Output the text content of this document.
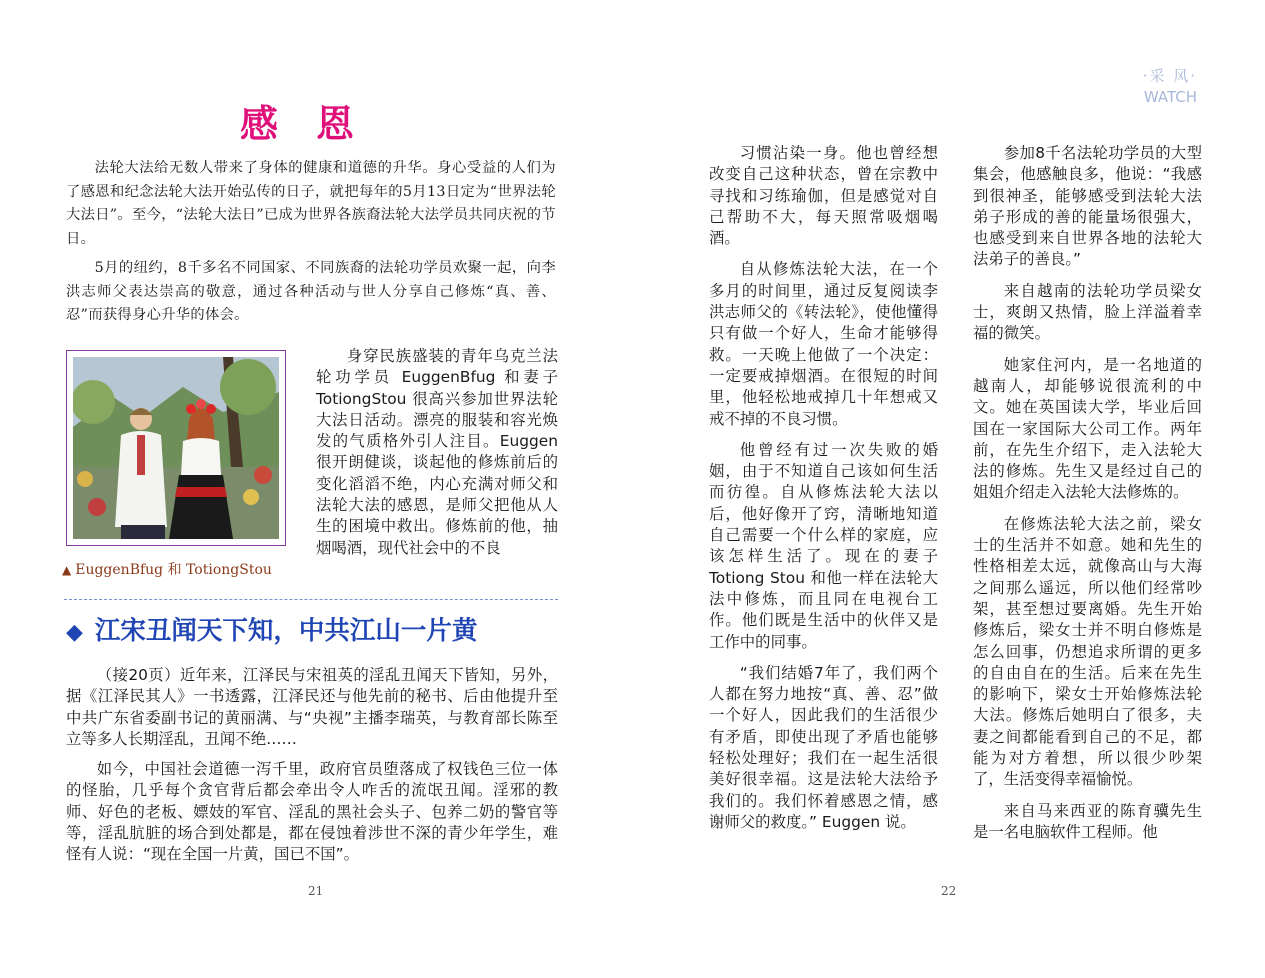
·采 风·
WATCH
感恩

法轮大法给无数人带来了身体的健康和道德的升华。身心受益的人们为了感恩和纪念法轮大法开始弘传的日子，就把每年的5月13日定为“世界法轮大法日”。至今，“法轮大法日”已成为世界各族裔法轮大法学员共同庆祝的节日。

5月的纽约，8千多名不同国家、不同族裔的法轮功学员欢聚一起，向李洪志师父表达崇高的敬意，通过各种活动与世人分享自己修炼“真、善、忍”而获得身心升华的体会。

▲ EuggenBfug 和 TotiongStou

身穿民族盛装的青年乌克兰法轮功学员 EuggenBfug 和妻子 TotiongStou 很高兴参加世界法轮大法日活动。漂亮的服装和容光焕发的气质格外引人注目。Euggen 很开朗健谈，谈起他的修炼前后的变化滔滔不绝，内心充满对师父和法轮大法的感恩，是师父把他从人生的困境中救出。修炼前的他，抽烟喝酒，现代社会中的不良

◆ 江宋丑闻天下知，中共江山一片黄

（接20页）近年来，江泽民与宋祖英的淫乱丑闻天下皆知，另外，据《江泽民其人》一书透露，江泽民还与他先前的秘书、后由他提升至中共广东省委副书记的黄丽满、与“央视”主播李瑞英，与教育部长陈至立等多人长期淫乱，丑闻不绝……

如今，中国社会道德一泻千里，政府官员堕落成了权钱色三位一体的怪胎，几乎每个贪官背后都会牵出令人咋舌的流氓丑闻。淫邪的教师、好色的老板、嫖妓的军官、淫乱的黑社会头子、包养二奶的警官等等，淫乱肮脏的场合到处都是，都在侵蚀着涉世不深的青少年学生，难怪有人说：“现在全国一片黄，国已不国”。

习惯沾染一身。他也曾经想改变自己这种状态，曾在宗教中寻找和习练瑜伽，但是感觉对自己帮助不大，每天照常吸烟喝酒。

自从修炼法轮大法，在一个多月的时间里，通过反复阅读李洪志师父的《转法轮》，使他懂得只有做一个好人，生命才能够得救。一天晚上他做了一个决定：一定要戒掉烟酒。在很短的时间里，他轻松地戒掉几十年想戒又戒不掉的不良习惯。

他曾经有过一次失败的婚姻，由于不知道自己该如何生活而彷徨。自从修炼法轮大法以后，他好像开了窍，清晰地知道自己需要一个什么样的家庭，应该怎样生活了。现在的妻子 Totiong Stou 和他一样在法轮大法中修炼，而且同在电视台工作。他们既是生活中的伙伴又是工作中的同事。

“我们结婚7年了，我们两个人都在努力地按“真、善、忍”做一个好人，因此我们的生活很少有矛盾，即使出现了矛盾也能够轻松处理好；我们在一起生活很美好很幸福。这是法轮大法给予我们的。我们怀着感恩之情，感谢师父的救度。” Euggen 说。

参加8千名法轮功学员的大型集会，他感触良多，他说：“我感到很神圣，能够感受到法轮大法弟子形成的善的能量场很强大，也感受到来自世界各地的法轮大法弟子的善良。”

来自越南的法轮功学员梁女士，爽朗又热情，脸上洋溢着幸福的微笑。

她家住河内，是一名地道的越南人，却能够说很流利的中文。她在英国读大学，毕业后回国在一家国际大公司工作。两年前，在先生介绍下，走入法轮大法的修炼。先生又是经过自己的姐姐介绍走入法轮大法修炼的。

在修炼法轮大法之前，梁女士的生活并不如意。她和先生的性格相差太远，就像高山与大海之间那么遥远，所以他们经常吵架，甚至想过要离婚。先生开始修炼后，梁女士并不明白修炼是怎么回事，仍想追求所谓的更多的自由自在的生活。后来在先生的影响下，梁女士开始修炼法轮大法。修炼后她明白了很多，夫妻之间都能看到自己的不足，都能为对方着想，所以很少吵架了，生活变得幸福愉悦。

来自马来西亚的陈育骥先生是一名电脑软件工程师。他

21	22
